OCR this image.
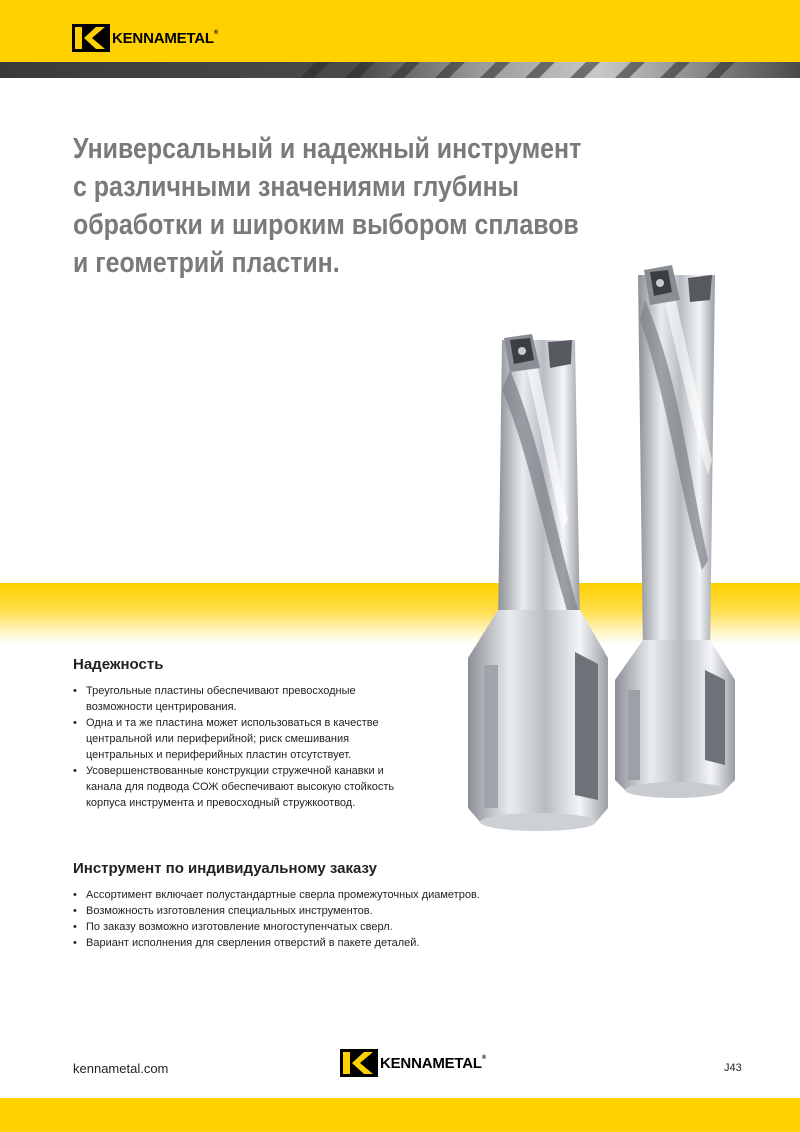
KENNAMETAL®
Универсальный и надежный инструмент
с различными значениями глубины
обработки и широким выбором сплавов
и геометрий пластин.
Надежность
• Треугольные пластины обеспечивают превосходные возможности центрирования.
• Одна и та же пластина может использоваться в качестве центральной или периферийной; риск смешивания центральных и периферийных пластин отсутствует.
• Усовершенствованные конструкции стружечной канавки и канала для подвода СОЖ обеспечивают высокую стойкость корпуса инструмента и превосходный стружкоотвод.
Инструмент по индивидуальному заказу
• Ассортимент включает полустандартные сверла промежуточных диаметров.
• Возможность изготовления специальных инструментов.
• По заказу возможно изготовление многоступенчатых сверл.
• Вариант исполнения для сверления отверстий в пакете деталей.
kennametal.com	KENNAMETAL®
J43
